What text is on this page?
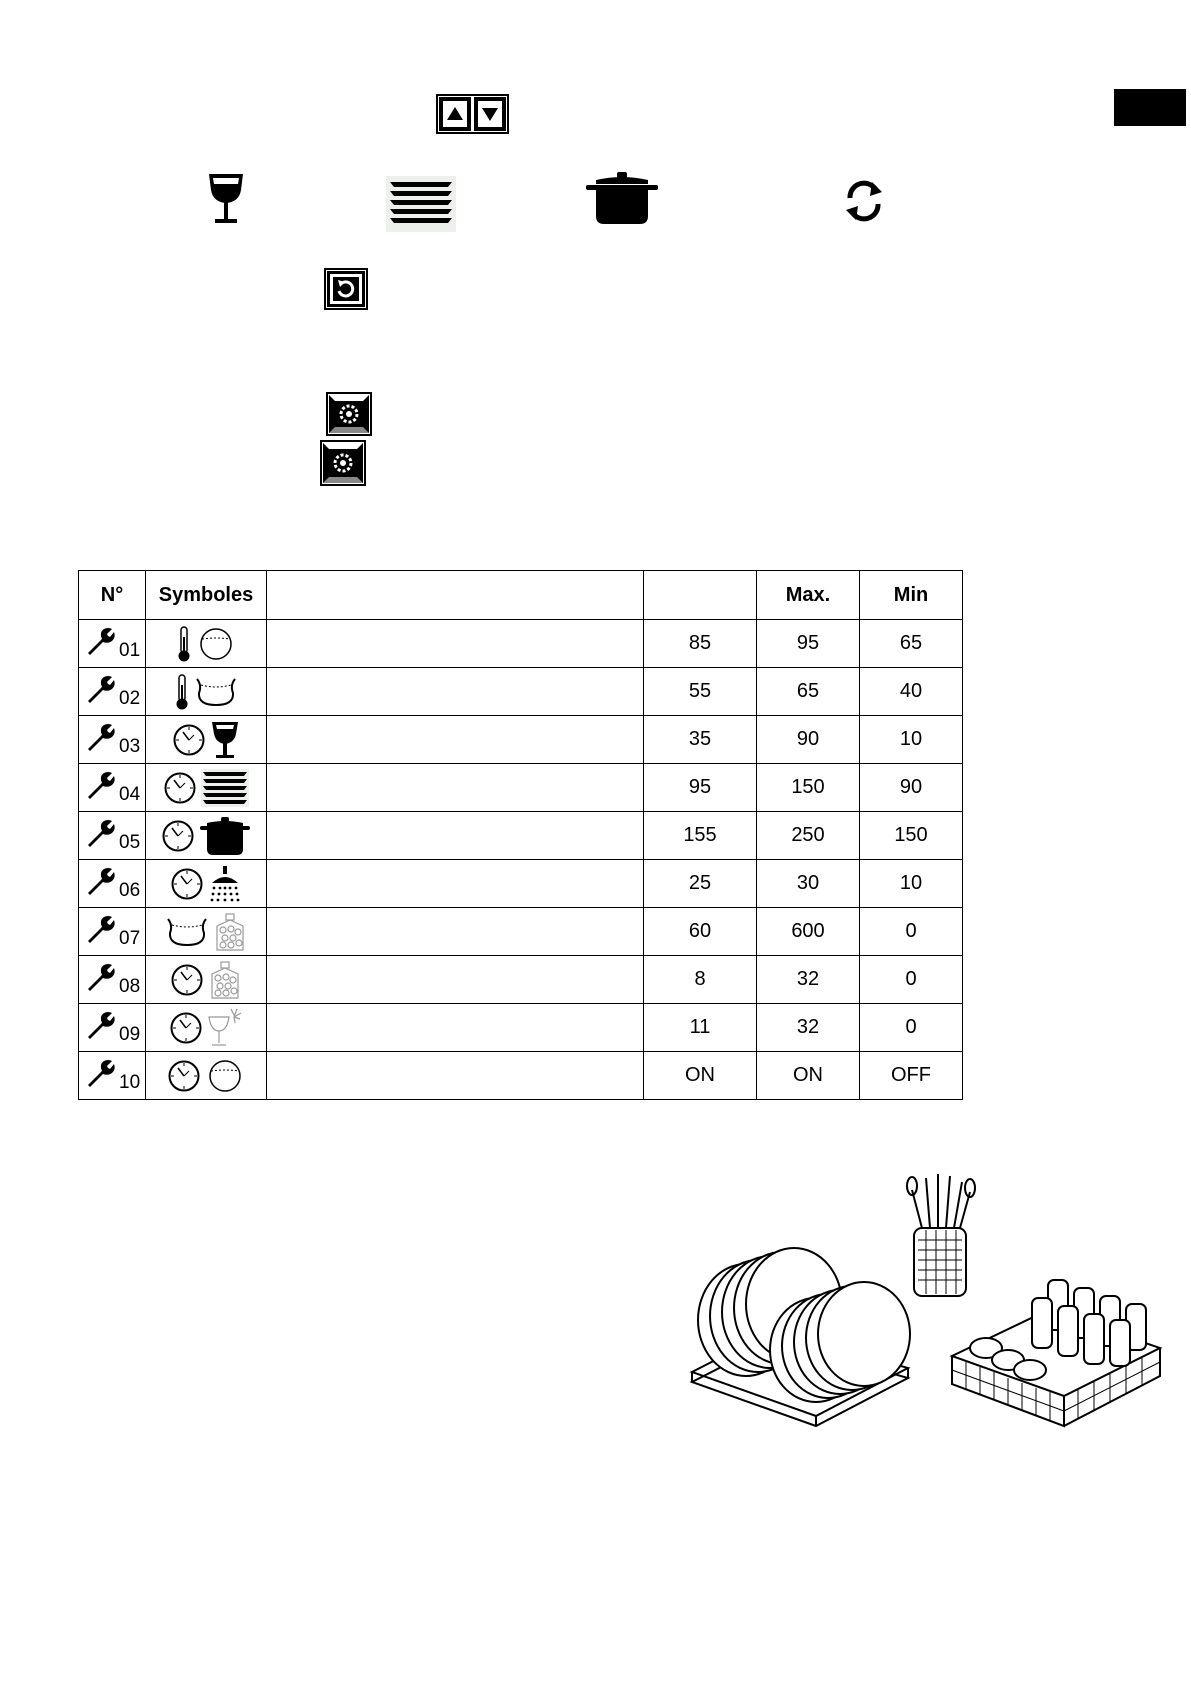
N°	Symboles			Max.	Min

01			85	95	65

02			55	65	40

03			35	90	10

04			95	150	90

05			155	250	150

06			25	30	10

07			60	600	0

08			8	32	0

09			11	32	0

10			ON	ON	OFF
